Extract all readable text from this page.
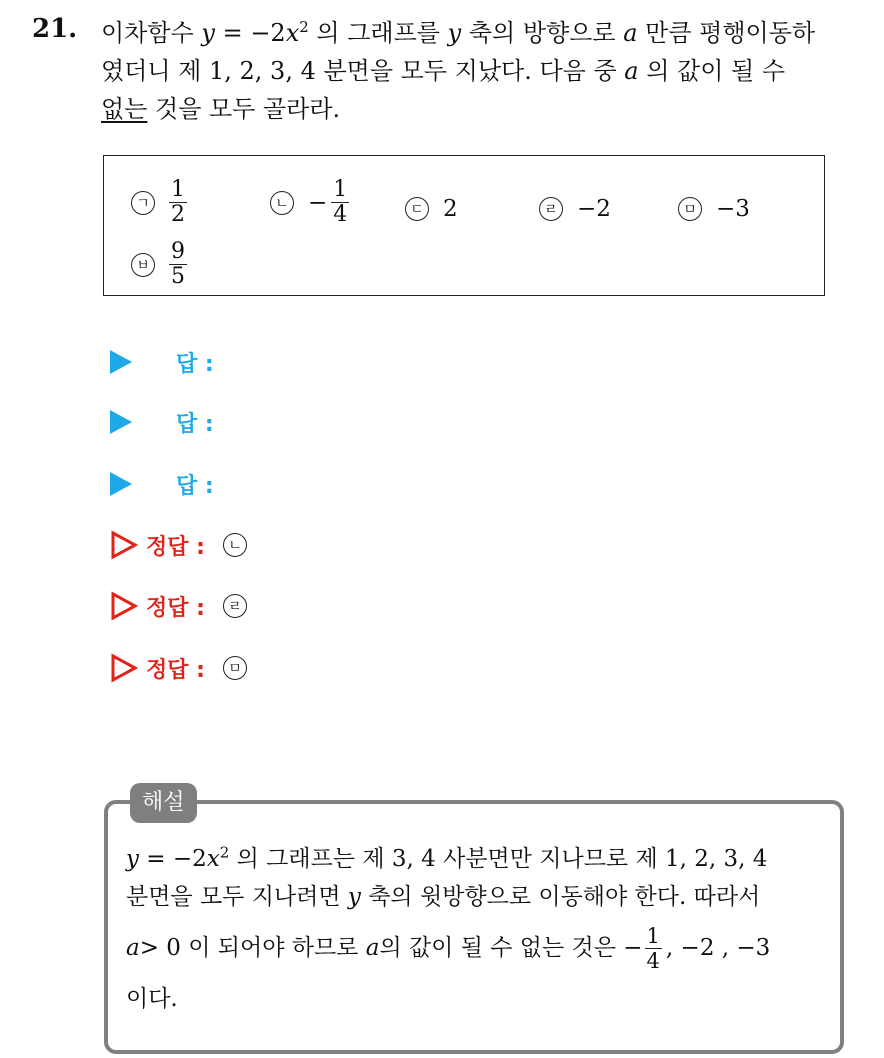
21. 이차함수 $y = -2x^2$ 의 그래프를 y 축의 방향으로 a 만큼 평행이동하
였더니 제 1, 2, 3, 4 분면을 모두 지났다. 다음 중 a 의 값이 될 수
없는 것을 모두 골라라.
ㄱ $\frac{1}{2}$	ㄴ − $\frac{1}{4}$	ㄷ 2	ㄹ −2	ㅁ −3
ㅂ $\frac{9}{5}$
답 :
답 :
답 :
정답 :	ㄴ
정답 :	ㄹ
정답 :	ㅁ
해설
$y = -2x^2$ 의 그래프는 제 3, 4 사분면만 지나므로 제 1, 2, 3, 4
분면을 모두 지나려면 y 축의 윗방향으로 이동해야 한다. 따라서
a > 0 이 되어야 하므로
a 의 값이 될 수 없는 것은 − $\frac{1}{4}$ , −2 , −3
이다.
